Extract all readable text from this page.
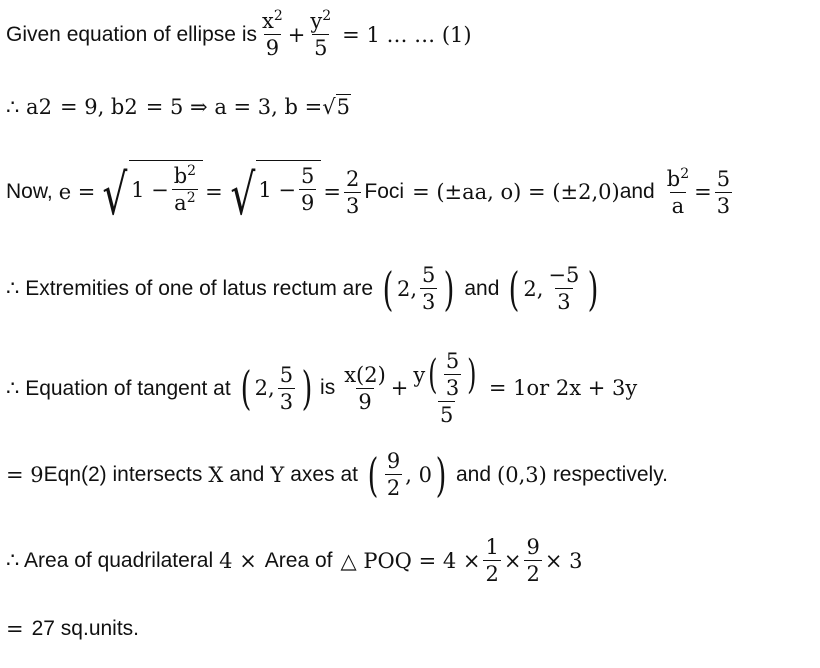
Given equation of ellipse is $\frac{x^2}{9} + \frac{y^2}{5} = 1$ … … (1)
∴ a 2 = 9, b 2 = 5 ⇒ a = 3, b = √ 5
Now, e = √ $1 - \frac{b^2}{a^2}$ = √ $1 - \frac{5}{9} = \frac{2}{3}$ Foci = (±aa, o) = (±2,0) and $\frac{b^2}{a} = \frac{5}{3}$
∴ Extremities of one of latus rectum are ( 2, $\frac{5}{3}$ ) and ( 2, $\frac{-5}{3}$ )
∴ Equation of tangent at ( 2, $\frac{5}{3}$ ) is $\frac{x(2)}{9} + \frac{y ( \frac{5}{3} )}{5} = 1or$ 2x + 3y
= 9 Eqn(2) intersects X and Y axes at ( $\frac{9}{2}$ , 0 ) and (0,3) respectively.
∴ Area of quadrilateral 4 × Area of △ POQ = $4 \times \frac{1}{2} \times \frac{9}{2} \times 3$
= 27 sq.units.
